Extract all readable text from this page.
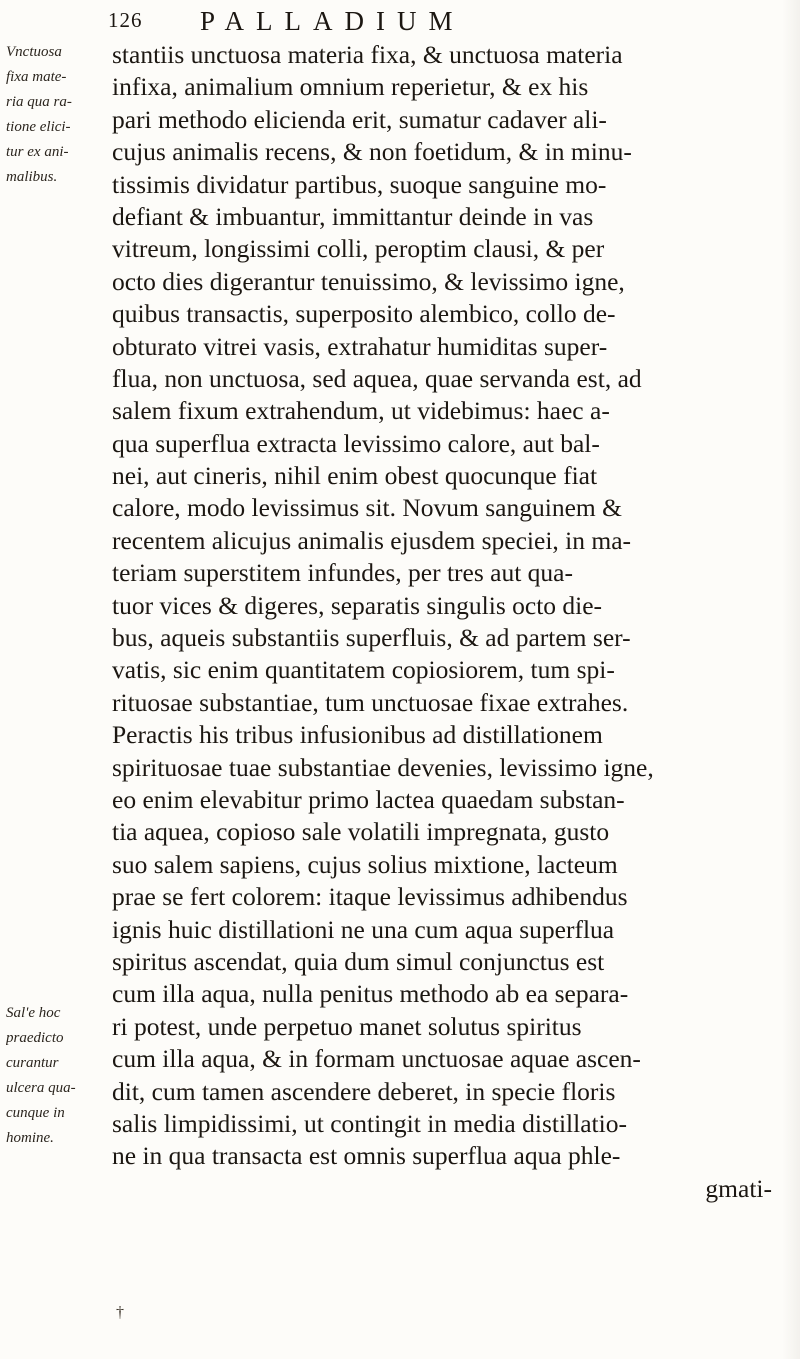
126 PALLADIUM
Vnctuosa
fixa mate-
ria qua ra-
tione elici-
tur ex ani-
malibus.
Sal'e hoc
praedicto
curantur
ulcera qua-
cunque in
homine.
stantiis unctuosa materia fixa, & unctuosa materia
infixa, animalium omnium reperietur, & ex his
pari methodo elicienda erit, sumatur cadaver ali-
cujus animalis recens, & non foetidum, & in minu-
tissimis dividatur partibus, suoque sanguine mo-
defiant & imbuantur, immittantur deinde in vas
vitreum, longissimi colli, peroptim clausi, & per
octo dies digerantur tenuissimo, & levissimo igne,
quibus transactis, superposito alembico, collo de-
obturato vitrei vasis, extrahatur humiditas super-
flua, non unctuosa, sed aquea, quae servanda est, ad
salem fixum extrahendum, ut videbimus: haec a-
qua superflua extracta levissimo calore, aut bal-
nei, aut cineris, nihil enim obest quocunque fiat
calore, modo levissimus sit. Novum sanguinem &
recentem alicujus animalis ejusdem speciei, in ma-
teriam superstitem infundes, per tres aut qua-
tuor vices & digeres, separatis singulis octo die-
bus, aqueis substantiis superfluis, & ad partem ser-
vatis, sic enim quantitatem copiosiorem, tum spi-
rituosae substantiae, tum unctuosae fixae extrahes.
Peractis his tribus infusionibus ad distillationem
spirituosae tuae substantiae devenies, levissimo igne,
eo enim elevabitur primo lactea quaedam substan-
tia aquea, copioso sale volatili impregnata, gusto
suo salem sapiens, cujus solius mixtione, lacteum
prae se fert colorem: itaque levissimus adhibendus
ignis huic distillationi ne una cum aqua superflua
spiritus ascendat, quia dum simul conjunctus est
cum illa aqua, nulla penitus methodo ab ea separa-
ri potest, unde perpetuo manet solutus spiritus
cum illa aqua, & in formam unctuosae aquae ascen-
dit, cum tamen ascendere deberet, in specie floris
salis limpidissimi, ut contingit in media distillatio-
ne in qua transacta est omnis superflua aqua phle-
gmati-
†
